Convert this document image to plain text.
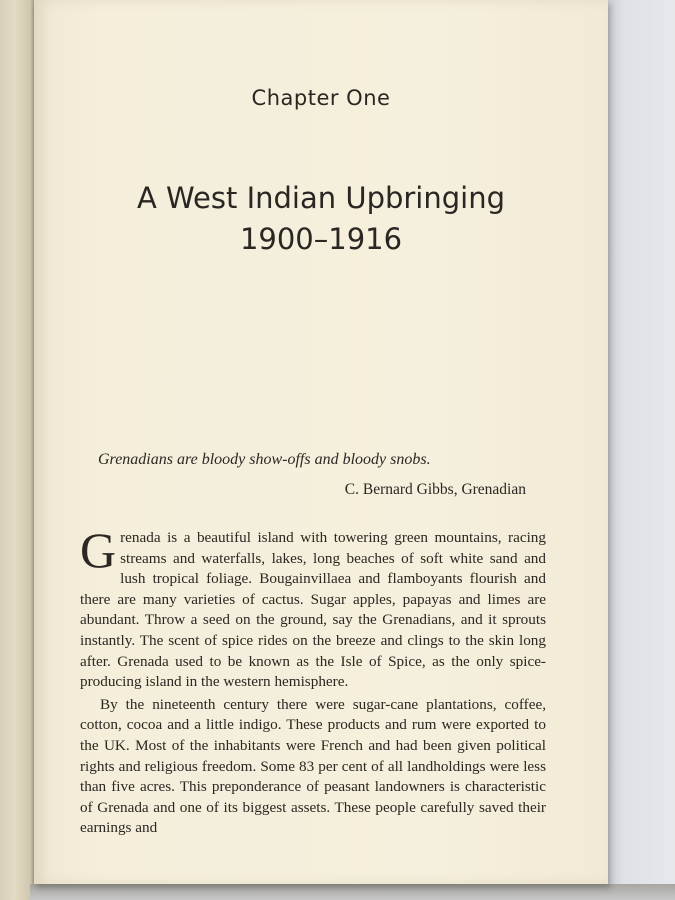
Chapter One
A West Indian Upbringing
1900–1916
Grenadians are bloody show-offs and bloody snobs.
C. Bernard Gibbs, Grenadian

Grenada is a beautiful island with towering green mountains, racing streams and waterfalls, lakes, long beaches of soft white sand and lush tropical foliage. Bougainvillaea and flamboyants flourish and there are many varieties of cactus. Sugar apples, papayas and limes are abundant. Throw a seed on the ground, say the Grenadians, and it sprouts instantly. The scent of spice rides on the breeze and clings to the skin long after. Grenada used to be known as the Isle of Spice, as the only spice-producing island in the western hemisphere.

By the nineteenth century there were sugar-cane plantations, coffee, cotton, cocoa and a little indigo. These products and rum were exported to the UK. Most of the inhabitants were French and had been given political rights and religious freedom. Some 83 per cent of all landholdings were less than five acres. This preponderance of peasant landowners is characteristic of Grenada and one of its biggest assets. These people carefully saved their earnings and
